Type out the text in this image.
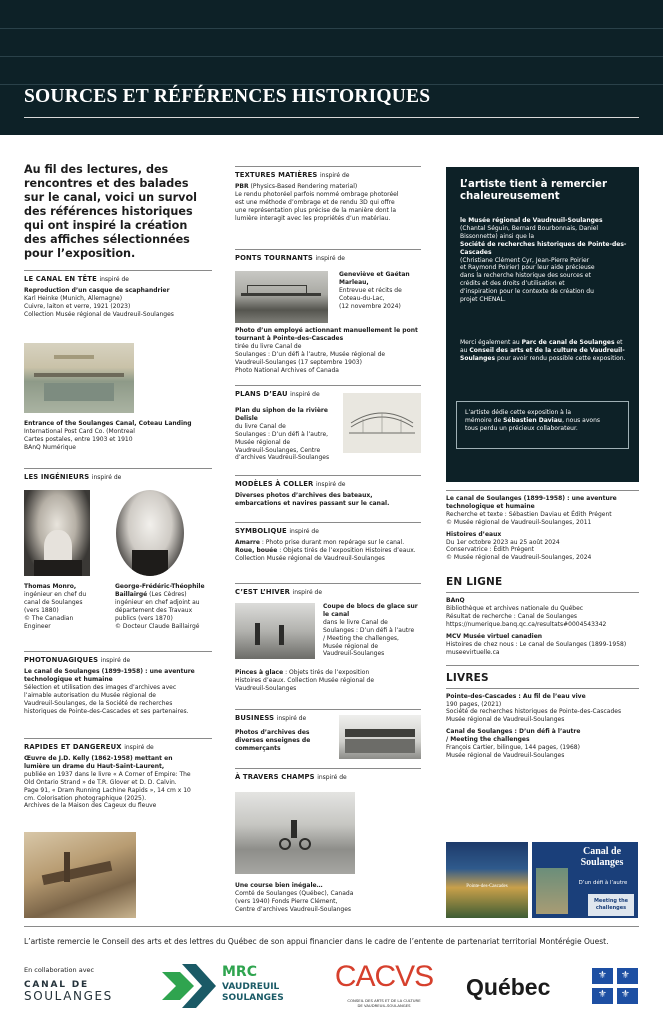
SOURCES ET RÉFÉRENCES HISTORIQUES
Au fil des lectures, des rencontres et des balades sur le canal, voici un survol des références historiques qui ont inspiré la création des affiches sélectionnées pour l’exposition.
LE CANAL EN TÊTE inspiré de
Reproduction d’un casque de scaphandrier
Karl Heinke (Munich, Allemagne)
Cuivre, laiton et verre, 1921 (2023)
Collection Musée régional de Vaudreuil-Soulanges
Entrance of the Soulanges Canal, Coteau Landing
International Post Card Co. (Montreal
Cartes postales, entre 1903 et 1910
BAnQ Numérique
LES INGÉNIEURS inspiré de
Thomas Monro,
ingénieur en chef du
canal de Soulanges
(vers 1880)
© The Canadian
Engineer
George-Frédéric-Théophile
Baillairgé (Les Cèdres)
ingénieur en chef adjoint au
département des Travaux
publics (vers 1870)
© Docteur Claude Baillairgé
PHOTONUAGIQUES inspiré de
Le canal de Soulanges (1899-1958) : une aventure technologique et humaine
Sélection et utilisation des images d’archives avec
l’aimable autorisation du Musée régional de
Vaudreuil-Soulanges, de la Société de recherches
historiques de Pointe-des-Cascades et ses partenaires.
RAPIDES ET DANGEREUX inspiré de
Œuvre de J.D. Kelly (1862-1958) mettant en lumière un drame du Haut-Saint-Laurent,
publiée en 1937 dans le livre « A Corner of Empire: The
Old Ontario Strand » de T.R. Glover et D. D. Calvin.
Page 91, « Dram Running Lachine Rapids », 14 cm x 10
cm. Colorisation photographique (2025).
Archives de la Maison des Cageux du fleuve
TEXTURES MATIÈRES inspiré de
PBR (Physics-Based Rendering material)
Le rendu photoréel parfois nommé ombrage photoréel
est une méthode d’ombrage et de rendu 3D qui offre
une représentation plus précise de la manière dont la
lumière interagit avec les propriétés d’un matériau.
PONTS TOURNANTS inspiré de
Geneviève et Gaétan
Marleau,
Entrevue et récits de
Coteau-du-Lac,
(12 novembre 2024)
Photo d’un employé actionnant manuellement le pont tournant à Pointe-des-Cascades
tirée du livre Canal de
Soulanges : D’un défi à l’autre, Musée régional de
Vaudreuil-Soulanges (17 septembre 1903)
Photo National Archives of Canada
PLANS D’EAU inspiré de
Plan du siphon de la rivière Delisle
du livre Canal de
Soulanges : D’un défi à l’autre,
Musée régional de
Vaudreuil-Soulanges, Centre
d’archives Vaudreuil-Soulanges
MODÈLES À COLLER inspiré de
Diverses photos d’archives des bateaux, embarcations et navires passant sur le canal.
SYMBOLIQUE inspiré de
Amarre : Photo prise durant mon repérage sur le canal.
Roue, bouée : Objets tirés de l’exposition Histoires d’eaux.
Collection Musée régional de Vaudreuil-Soulanges
C’EST L’HIVER inspiré de
Coupe de blocs de glace sur le canal
dans le livre Canal de
Soulanges : D’un défi à l’autre
/ Meeting the challenges,
Musée régional de
Vaudreuil-Soulanges
Pinces à glace : Objets tirés de l’exposition
Histoires d’eaux. Collection Musée régional de
Vaudreuil-Soulanges
BUSINESS inspiré de
Photos d’archives des
diverses enseignes de
commerçants
À TRAVERS CHAMPS inspiré de
Une course bien inégale…
Comté de Soulanges (Québec), Canada
(vers 1940) Fonds Pierre Clément,
Centre d’archives Vaudreuil-Soulanges
L’artiste tient à remercier chaleureusement
le Musée régional de Vaudreuil-Soulanges
(Chantal Séguin, Bernard Bourbonnais, Daniel
Bissonnette) ainsi que la
Société de recherches historiques de Pointe-des-Cascades
(Christiane Clément Cyr, Jean-Pierre Poirier
et Raymond Poirier) pour leur aide précieuse
dans la recherche historique des sources et
crédits et des droits d’utilisation et
d’inspiration pour le contexte de création du
projet CHENAL.
Merci également au Parc de canal de Soulanges et au Conseil des arts et de la culture de Vaudreuil-Soulanges pour avoir rendu possible cette exposition.
L’artiste dédie cette exposition à la
mémoire de Sébastien Daviau, nous avons
tous perdu un précieux collaborateur.
Le canal de Soulanges (1899-1958) : une aventure technologique et humaine
Recherche et texte : Sébastien Daviau et Édith Prégent
© Musée régional de Vaudreuil-Soulanges, 2011
Histoires d’eaux
Du 1er octobre 2023 au 25 août 2024
Conservatrice : Édith Prégent
© Musée régional de Vaudreuil-Soulanges, 2024
EN LIGNE
BAnQ
Bibliothèque et archives nationale du Québec
Résultat de recherche : Canal de Soulanges
https://numerique.banq.qc.ca/resultats#0004543342
MCV Musée virtuel canadien
Histoires de chez nous : Le canal de Soulanges (1899-1958)
museevirtuelle.ca
LIVRES
Pointe-des-Cascades : Au fil de l’eau vive
190 pages, (2021)
Société de recherches historiques de Pointe-des-Cascades
Musée régional de Vaudreuil-Soulanges
Canal de Soulanges : D’un défi à l’autre
/ Meeting the challenges
François Cartier, bilingue, 144 pages, (1968)
Musée régional de Vaudreuil-Soulanges
Pointe-des-Cascades
Canal de
Soulanges
D’un défi à l’autre
Meeting the
challenges
L’artiste remercie le Conseil des arts et des lettres du Québec de son appui financier dans le cadre de l’entente de partenariat territorial Montérégie Ouest.
En collaboration avec
CANAL DE
SOULANGES
MRC
VAUDREUIL
SOULANGES
CACVS
CONSEIL DES ARTS ET DE LA CULTURE
DE VAUDREUIL-SOULANGES
Québec	⚜ ⚜
⚜ ⚜
